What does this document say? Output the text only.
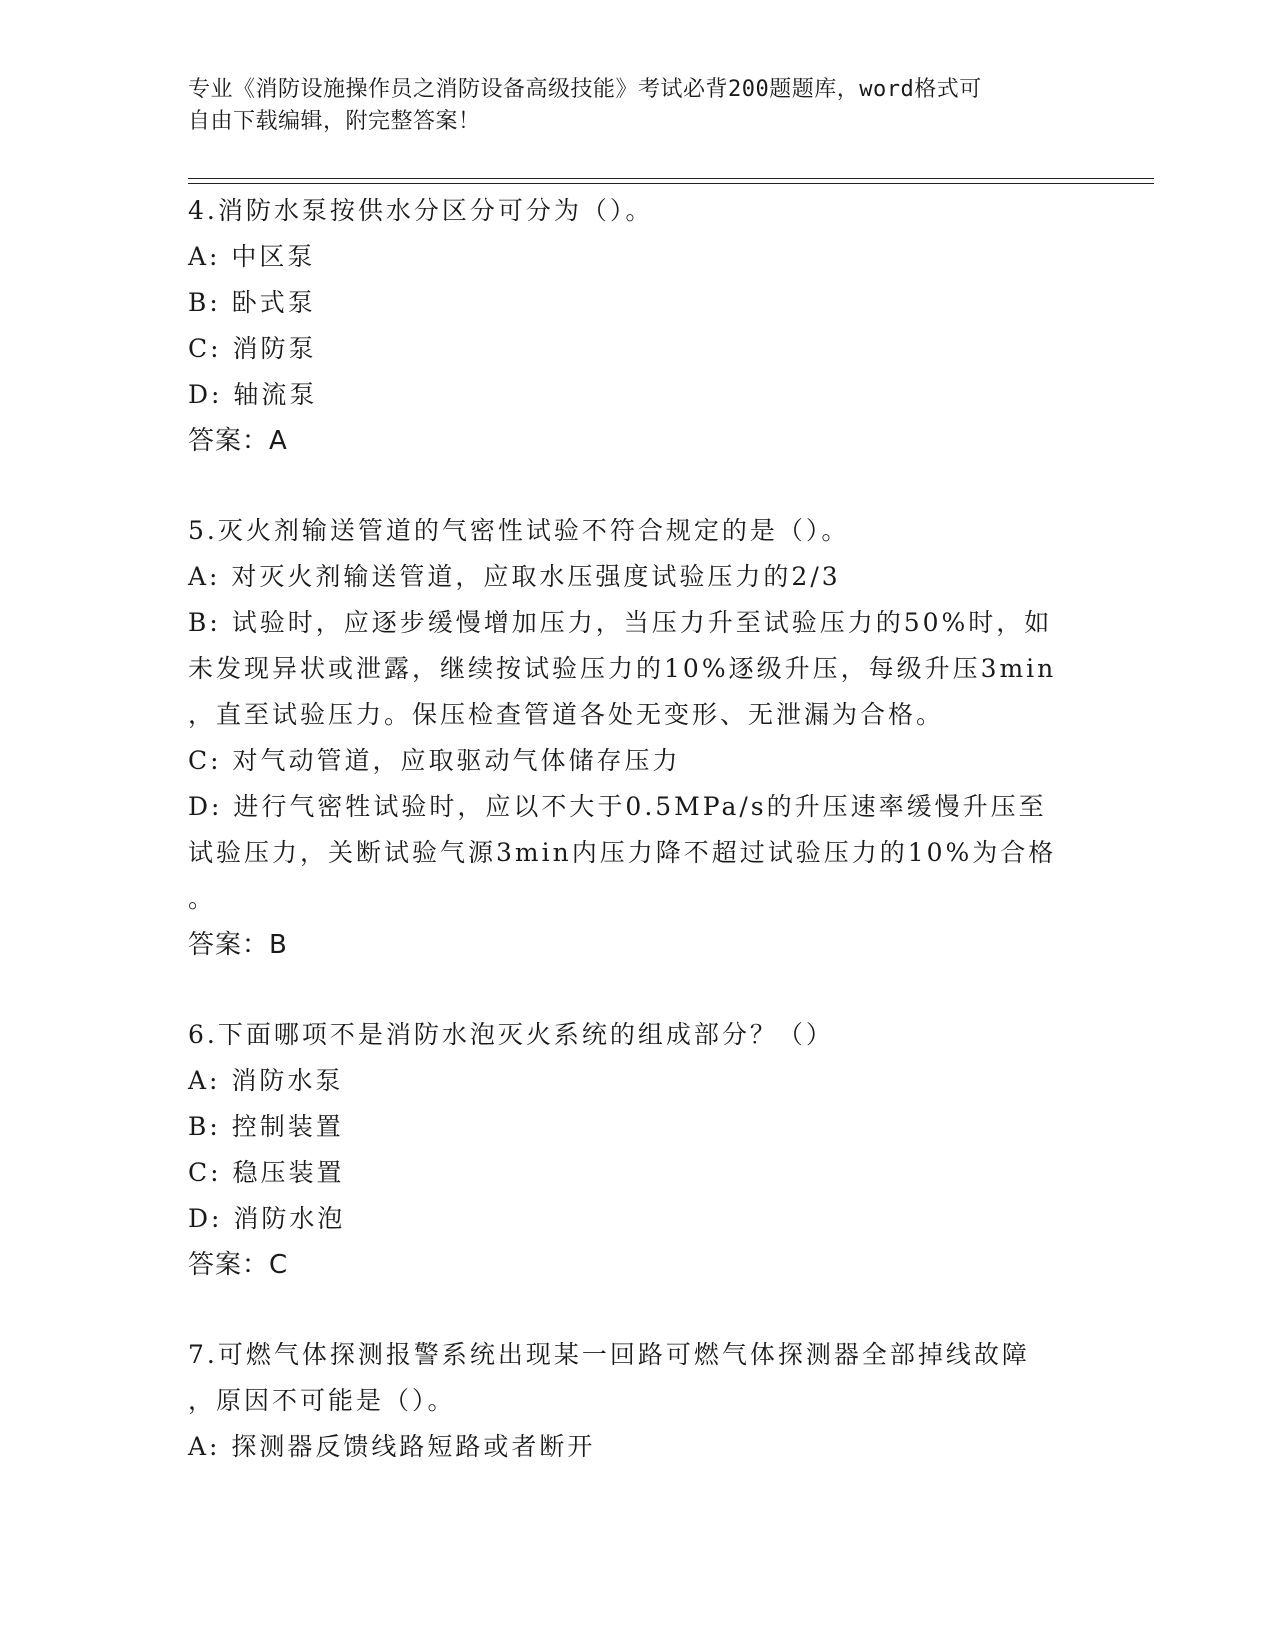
专业《消防设施操作员之消防设备高级技能》考试必背200题题库，word格式可
自由下载编辑，附完整答案！
4.消防水泵按供水分区分可分为（）。
A: 中区泵
B: 卧式泵
C: 消防泵
D: 轴流泵
答案：A
5.灭火剂输送管道的气密性试验不符合规定的是（）。
A: 对灭火剂输送管道，应取水压强度试验压力的2/3
B: 试验时，应逐步缓慢增加压力，当压力升至试验压力的50%时，如
未发现异状或泄露，继续按试验压力的10%逐级升压，每级升压3min
，直至试验压力。保压检查管道各处无变形、无泄漏为合格。
C: 对气动管道，应取驱动气体储存压力
D: 进行气密牲试验时，应以不大于0.5MPa/s的升压速率缓慢升压至
试验压力，关断试验气源3min内压力降不超过试验压力的10%为合格
。
答案：B
6.下面哪项不是消防水泡灭火系统的组成部分？（）
A: 消防水泵
B: 控制装置
C: 稳压装置
D: 消防水泡
答案：C
7.可燃气体探测报警系统出现某一回路可燃气体探测器全部掉线故障
，原因不可能是（）。
A: 探测器反馈线路短路或者断开
